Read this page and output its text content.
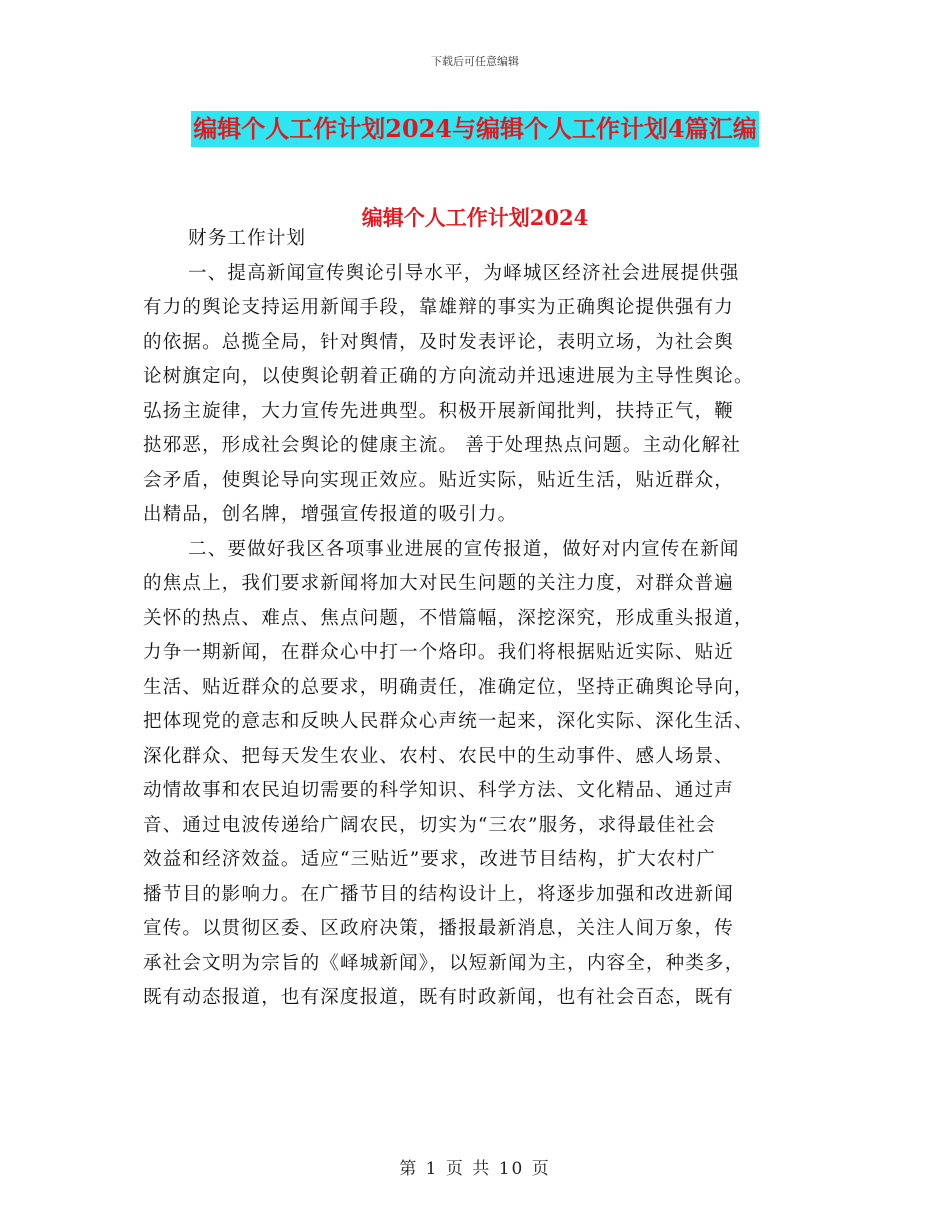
下载后可任意编辑
编辑个人工作计划2024与编辑个人工作计划4篇汇编
编辑个人工作计划2024
财务工作计划
一、提高新闻宣传舆论引导水平，为峄城区经济社会进展提供强
有力的舆论支持运用新闻手段，靠雄辩的事实为正确舆论提供强有力
的依据。总揽全局，针对舆情，及时发表评论，表明立场，为社会舆
论树旗定向，以使舆论朝着正确的方向流动并迅速进展为主导性舆论。
弘扬主旋律，大力宣传先进典型。积极开展新闻批判，扶持正气，鞭
挞邪恶，形成社会舆论的健康主流。 善于处理热点问题。主动化解社
会矛盾，使舆论导向实现正效应。贴近实际，贴近生活，贴近群众，
出精品，创名牌，增强宣传报道的吸引力。
二、要做好我区各项事业进展的宣传报道，做好对内宣传在新闻
的焦点上，我们要求新闻将加大对民生问题的关注力度，对群众普遍
关怀的热点、难点、焦点问题，不惜篇幅，深挖深究，形成重头报道，
力争一期新闻，在群众心中打一个烙印。我们将根据贴近实际、贴近
生活、贴近群众的总要求，明确责任，准确定位，坚持正确舆论导向，
把体现党的意志和反映人民群众心声统一起来，深化实际、深化生活、
深化群众、把每天发生农业、农村、农民中的生动事件、感人场景、
动情故事和农民迫切需要的科学知识、科学方法、文化精品、通过声
音、通过电波传递给广阔农民，切实为“三农”服务，求得最佳社会
效益和经济效益。适应“三贴近”要求，改进节目结构，扩大农村广
播节目的影响力。在广播节目的结构设计上，将逐步加强和改进新闻
宣传。以贯彻区委、区政府决策，播报最新消息，关注人间万象，传
承社会文明为宗旨的《峄城新闻》，以短新闻为主，内容全，种类多，
既有动态报道，也有深度报道，既有时政新闻，也有社会百态，既有
第 1 页 共 10 页
